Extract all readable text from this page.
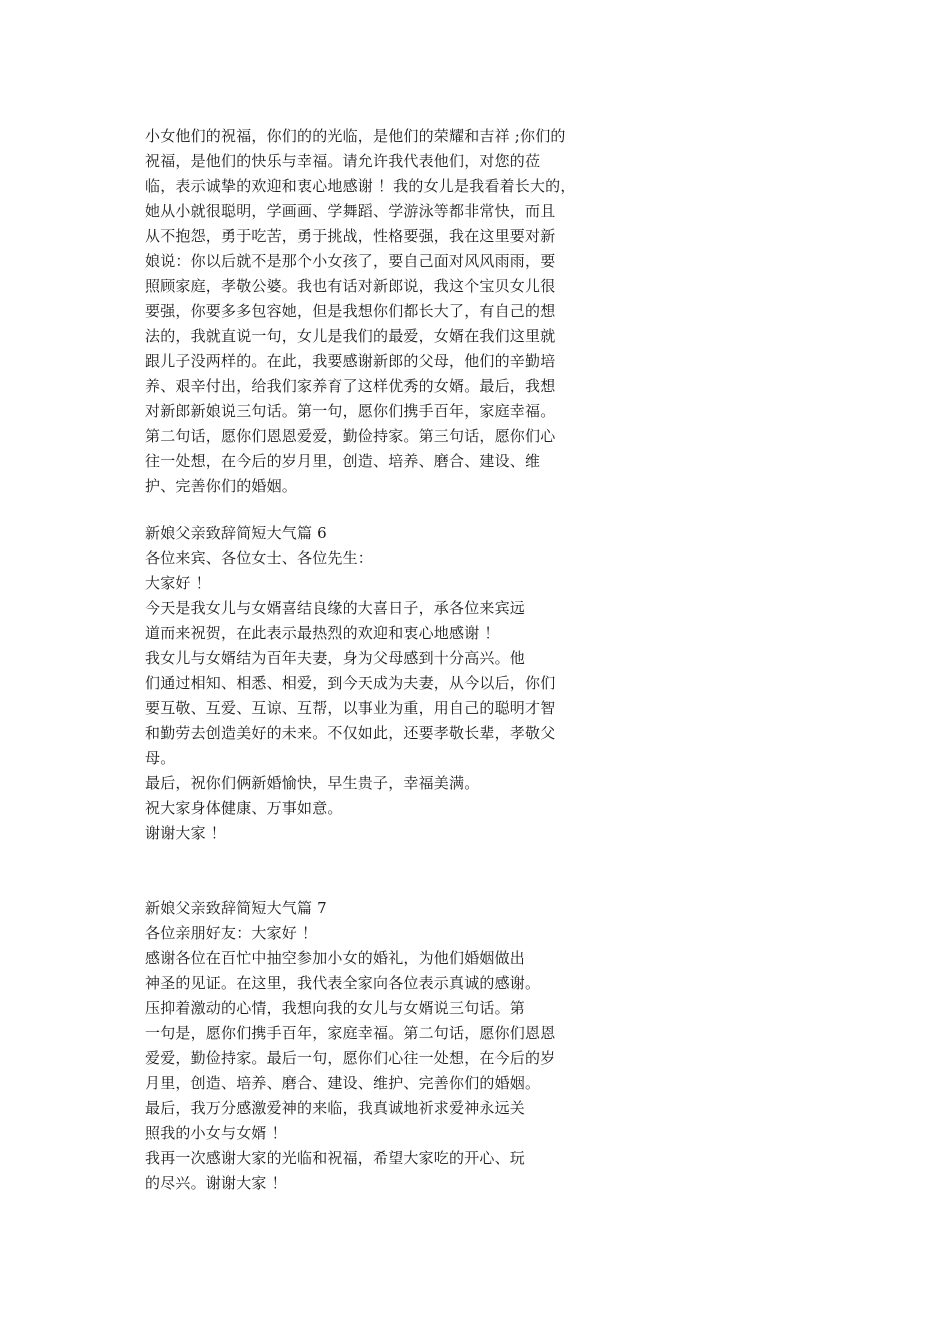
小女他们的祝福，你们的的光临，是他们的荣耀和吉祥 ;你们的
祝福，是他们的快乐与幸福。请允许我代表他们，对您的莅
临，表示诚挚的欢迎和衷心地感谢 ！我的女儿是我看着长大的，
她从小就很聪明，学画画、学舞蹈、学游泳等都非常快，而且
从不抱怨，勇于吃苦，勇于挑战，性格要强，我在这里要对新
娘说：你以后就不是那个小女孩了，要自己面对风风雨雨，要
照顾家庭，孝敬公婆。我也有话对新郎说，我这个宝贝女儿很
要强，你要多多包容她，但是我想你们都长大了，有自己的想
法的，我就直说一句，女儿是我们的最爱，女婿在我们这里就
跟儿子没两样的。在此，我要感谢新郎的父母，他们的辛勤培
养、艰辛付出，给我们家养育了这样优秀的女婿。最后，我想
对新郎新娘说三句话。第一句，愿你们携手百年，家庭幸福。
第二句话，愿你们恩恩爱爱，勤俭持家。第三句话，愿你们心
往一处想，在今后的岁月里，创造、培养、磨合、建设、维
护、完善你们的婚姻。
新娘父亲致辞简短大气篇 6
各位来宾、各位女士、各位先生：
大家好 ！
今天是我女儿与女婿喜结良缘的大喜日子，承各位来宾远
道而来祝贺，在此表示最热烈的欢迎和衷心地感谢 ！
我女儿与女婿结为百年夫妻，身为父母感到十分高兴。他
们通过相知、相悉、相爱，到今天成为夫妻，从今以后，你们
要互敬、互爱、互谅、互帮，以事业为重，用自己的聪明才智
和勤劳去创造美好的未来。不仅如此，还要孝敬长辈，孝敬父
母。
最后，祝你们俩新婚愉快，早生贵子，幸福美满。
祝大家身体健康、万事如意。
谢谢大家 ！
新娘父亲致辞简短大气篇 7
各位亲朋好友：大家好 ！
感谢各位在百忙中抽空参加小女的婚礼，为他们婚姻做出
神圣的见证。在这里，我代表全家向各位表示真诚的感谢。
压抑着激动的心情，我想向我的女儿与女婿说三句话。第
一句是，愿你们携手百年，家庭幸福。第二句话，愿你们恩恩
爱爱，勤俭持家。最后一句，愿你们心往一处想，在今后的岁
月里，创造、培养、磨合、建设、维护、完善你们的婚姻。
最后，我万分感激爱神的来临，我真诚地祈求爱神永远关
照我的小女与女婿 ！
我再一次感谢大家的光临和祝福，希望大家吃的开心、玩
的尽兴。谢谢大家 ！
